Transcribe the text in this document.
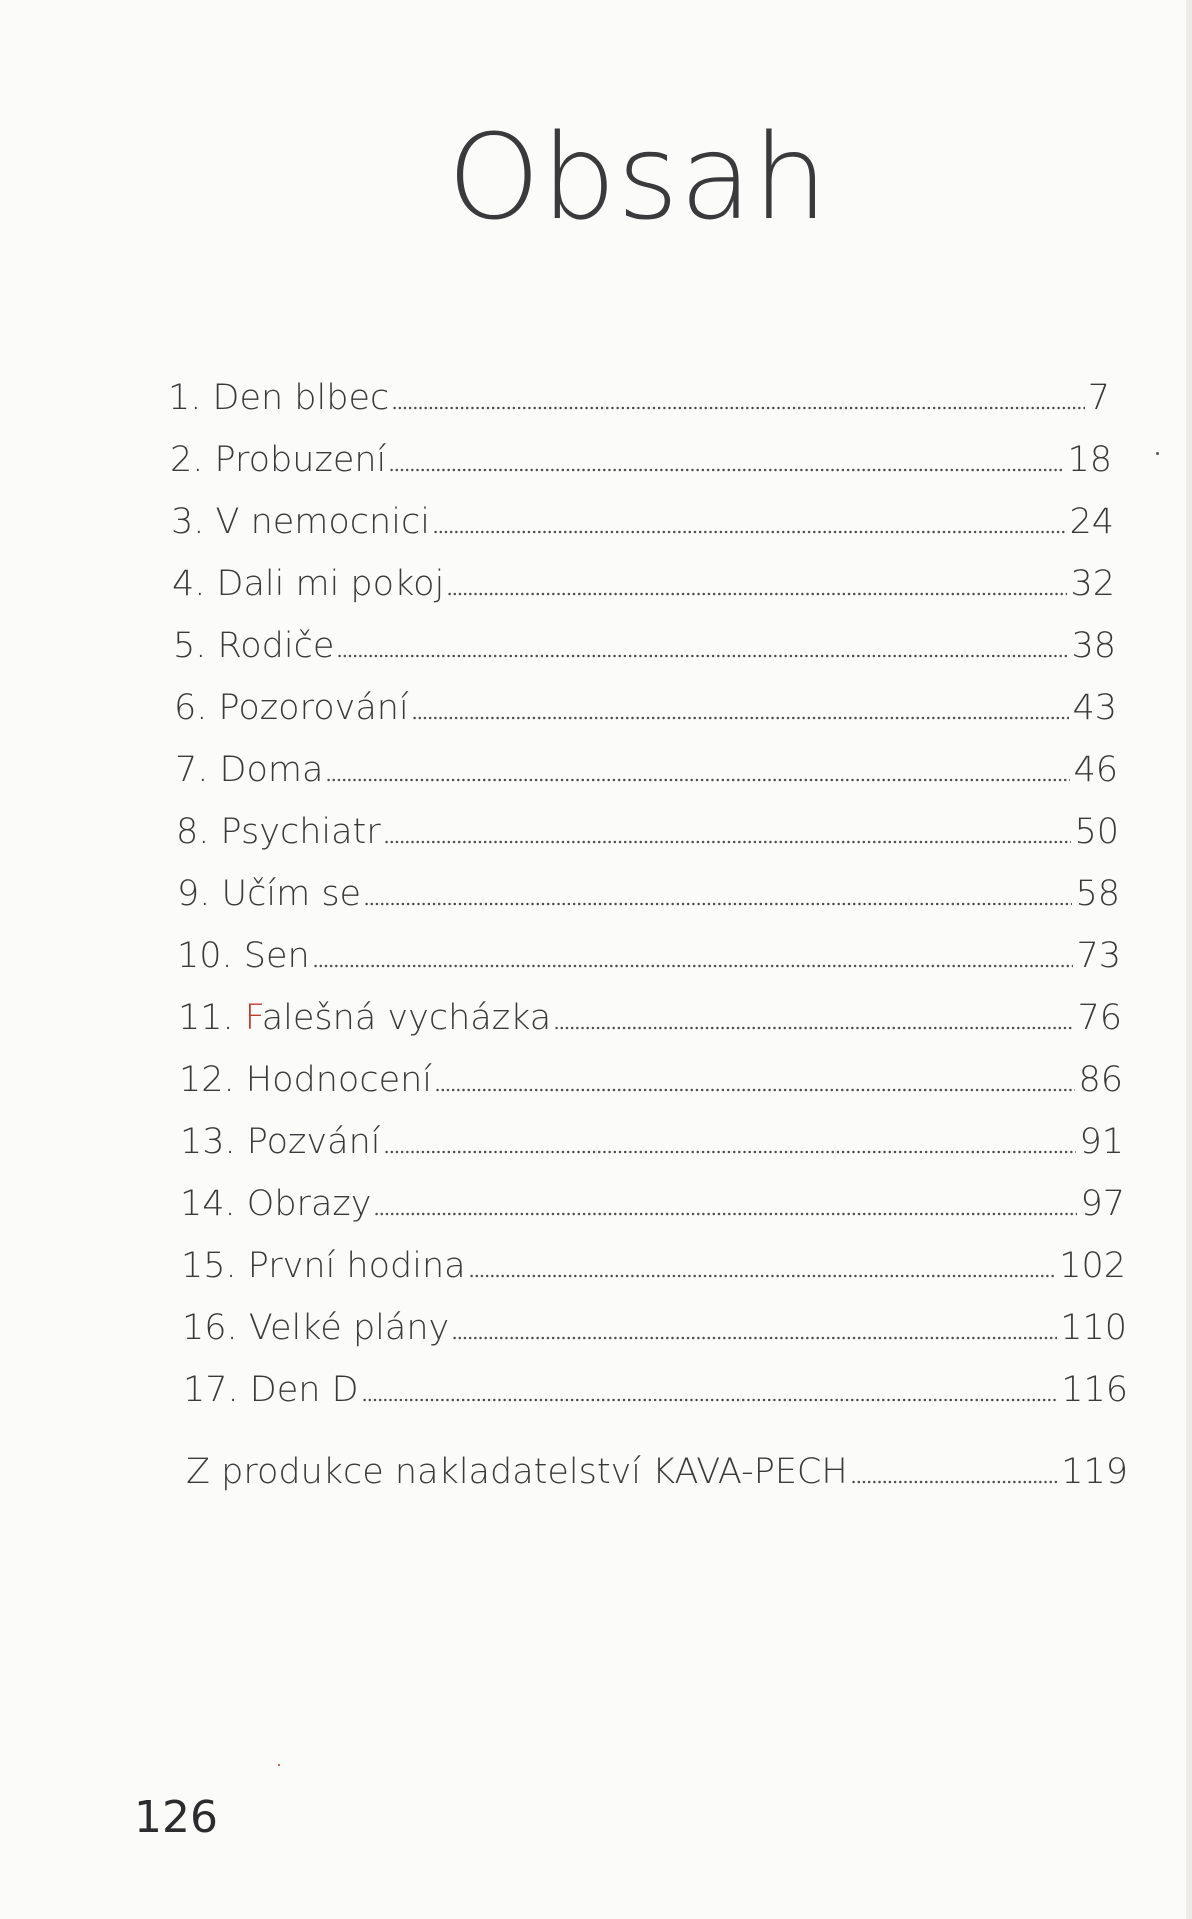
Obsah
1. Den blbec	7
2. Probuzení	18
3. V nemocnici	24
4. Dali mi pokoj	32
5. Rodiče	38
6. Pozorování	43
7. Doma	46
8. Psychiatr	50
9. Učím se	58
10. Sen	73
11. Falešná vycházka	76
12. Hodnocení	86
13. Pozvání	91
14. Obrazy	97
15. První hodina	102
16. Velké plány	110
17. Den D	116
Z produkce nakladatelství KAVA-PECH	119
126
